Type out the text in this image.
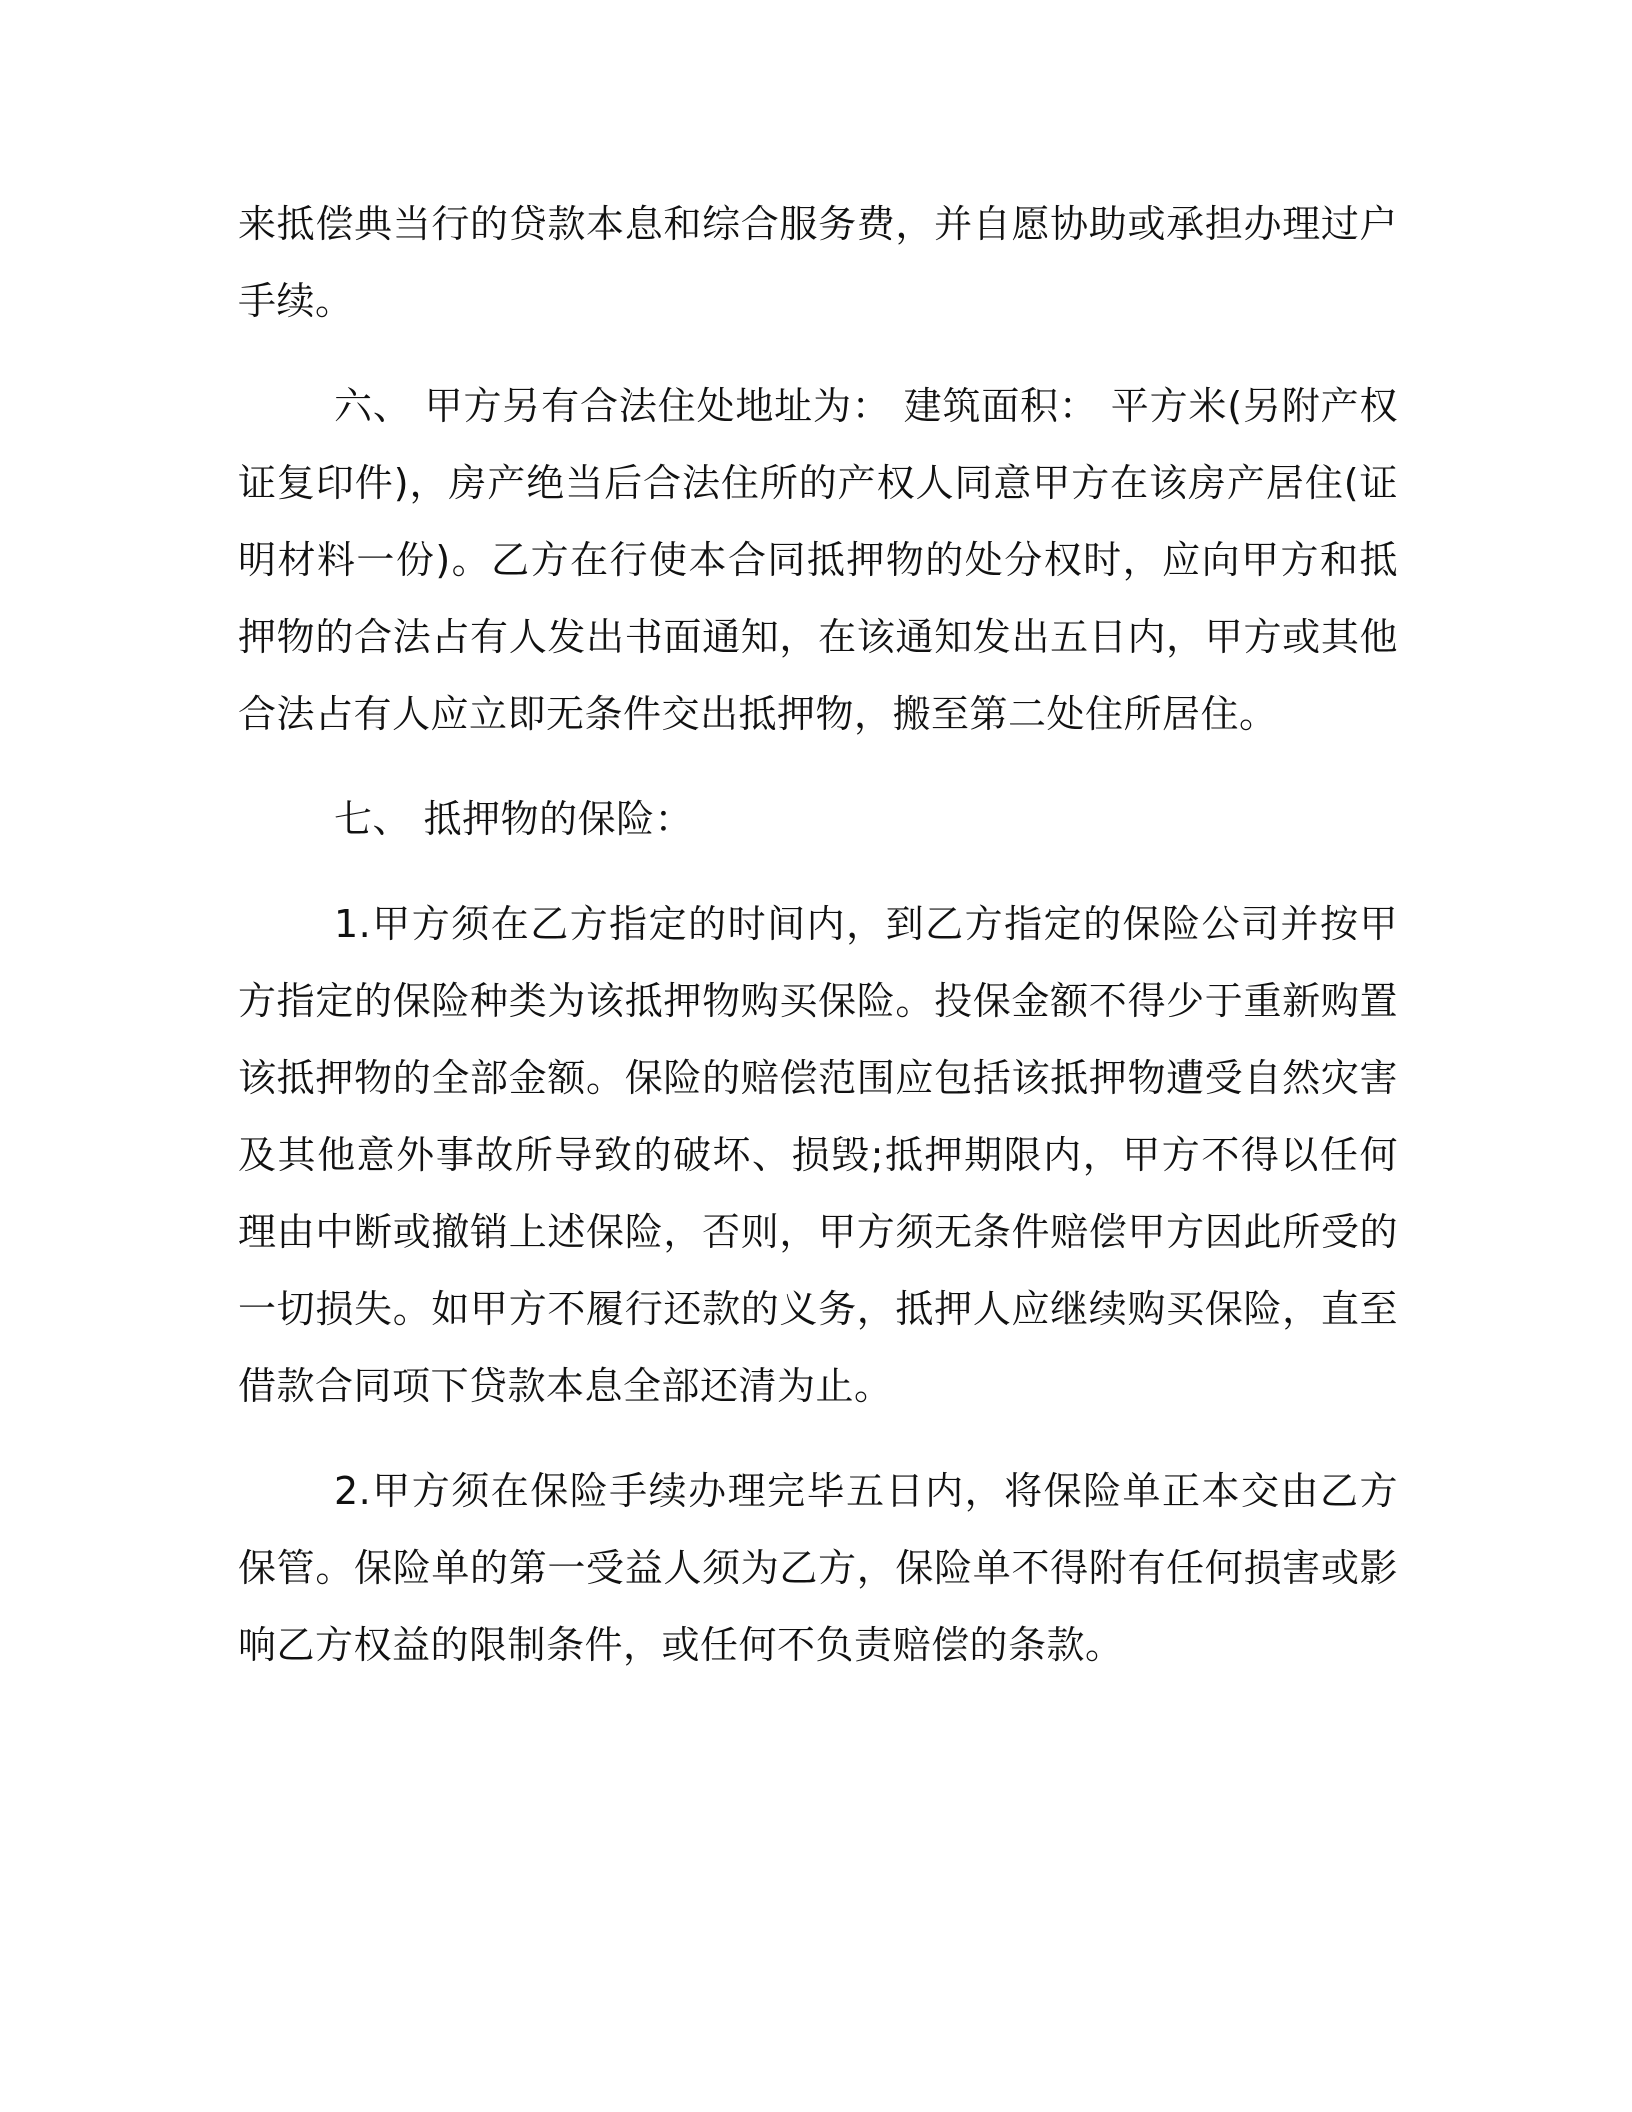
来抵偿典当行的贷款本息和综合服务费，并自愿协助或承担办理过户手续。

六、 甲方另有合法住处地址为： 建筑面积： 平方米(另附产权证复印件)，房产绝当后合法住所的产权人同意甲方在该房产居住(证明材料一份)。乙方在行使本合同抵押物的处分权时，应向甲方和抵押物的合法占有人发出书面通知，在该通知发出五日内，甲方或其他合法占有人应立即无条件交出抵押物，搬至第二处住所居住。

七、 抵押物的保险：

1.甲方须在乙方指定的时间内，到乙方指定的保险公司并按甲方指定的保险种类为该抵押物购买保险。投保金额不得少于重新购置该抵押物的全部金额。保险的赔偿范围应包括该抵押物遭受自然灾害及其他意外事故所导致的破坏、损毁;抵押期限内，甲方不得以任何理由中断或撤销上述保险，否则，甲方须无条件赔偿甲方因此所受的一切损失。如甲方不履行还款的义务，抵押人应继续购买保险，直至借款合同项下贷款本息全部还清为止。

2.甲方须在保险手续办理完毕五日内，将保险单正本交由乙方保管。保险单的第一受益人须为乙方，保险单不得附有任何损害或影响乙方权益的限制条件，或任何不负责赔偿的条款。
